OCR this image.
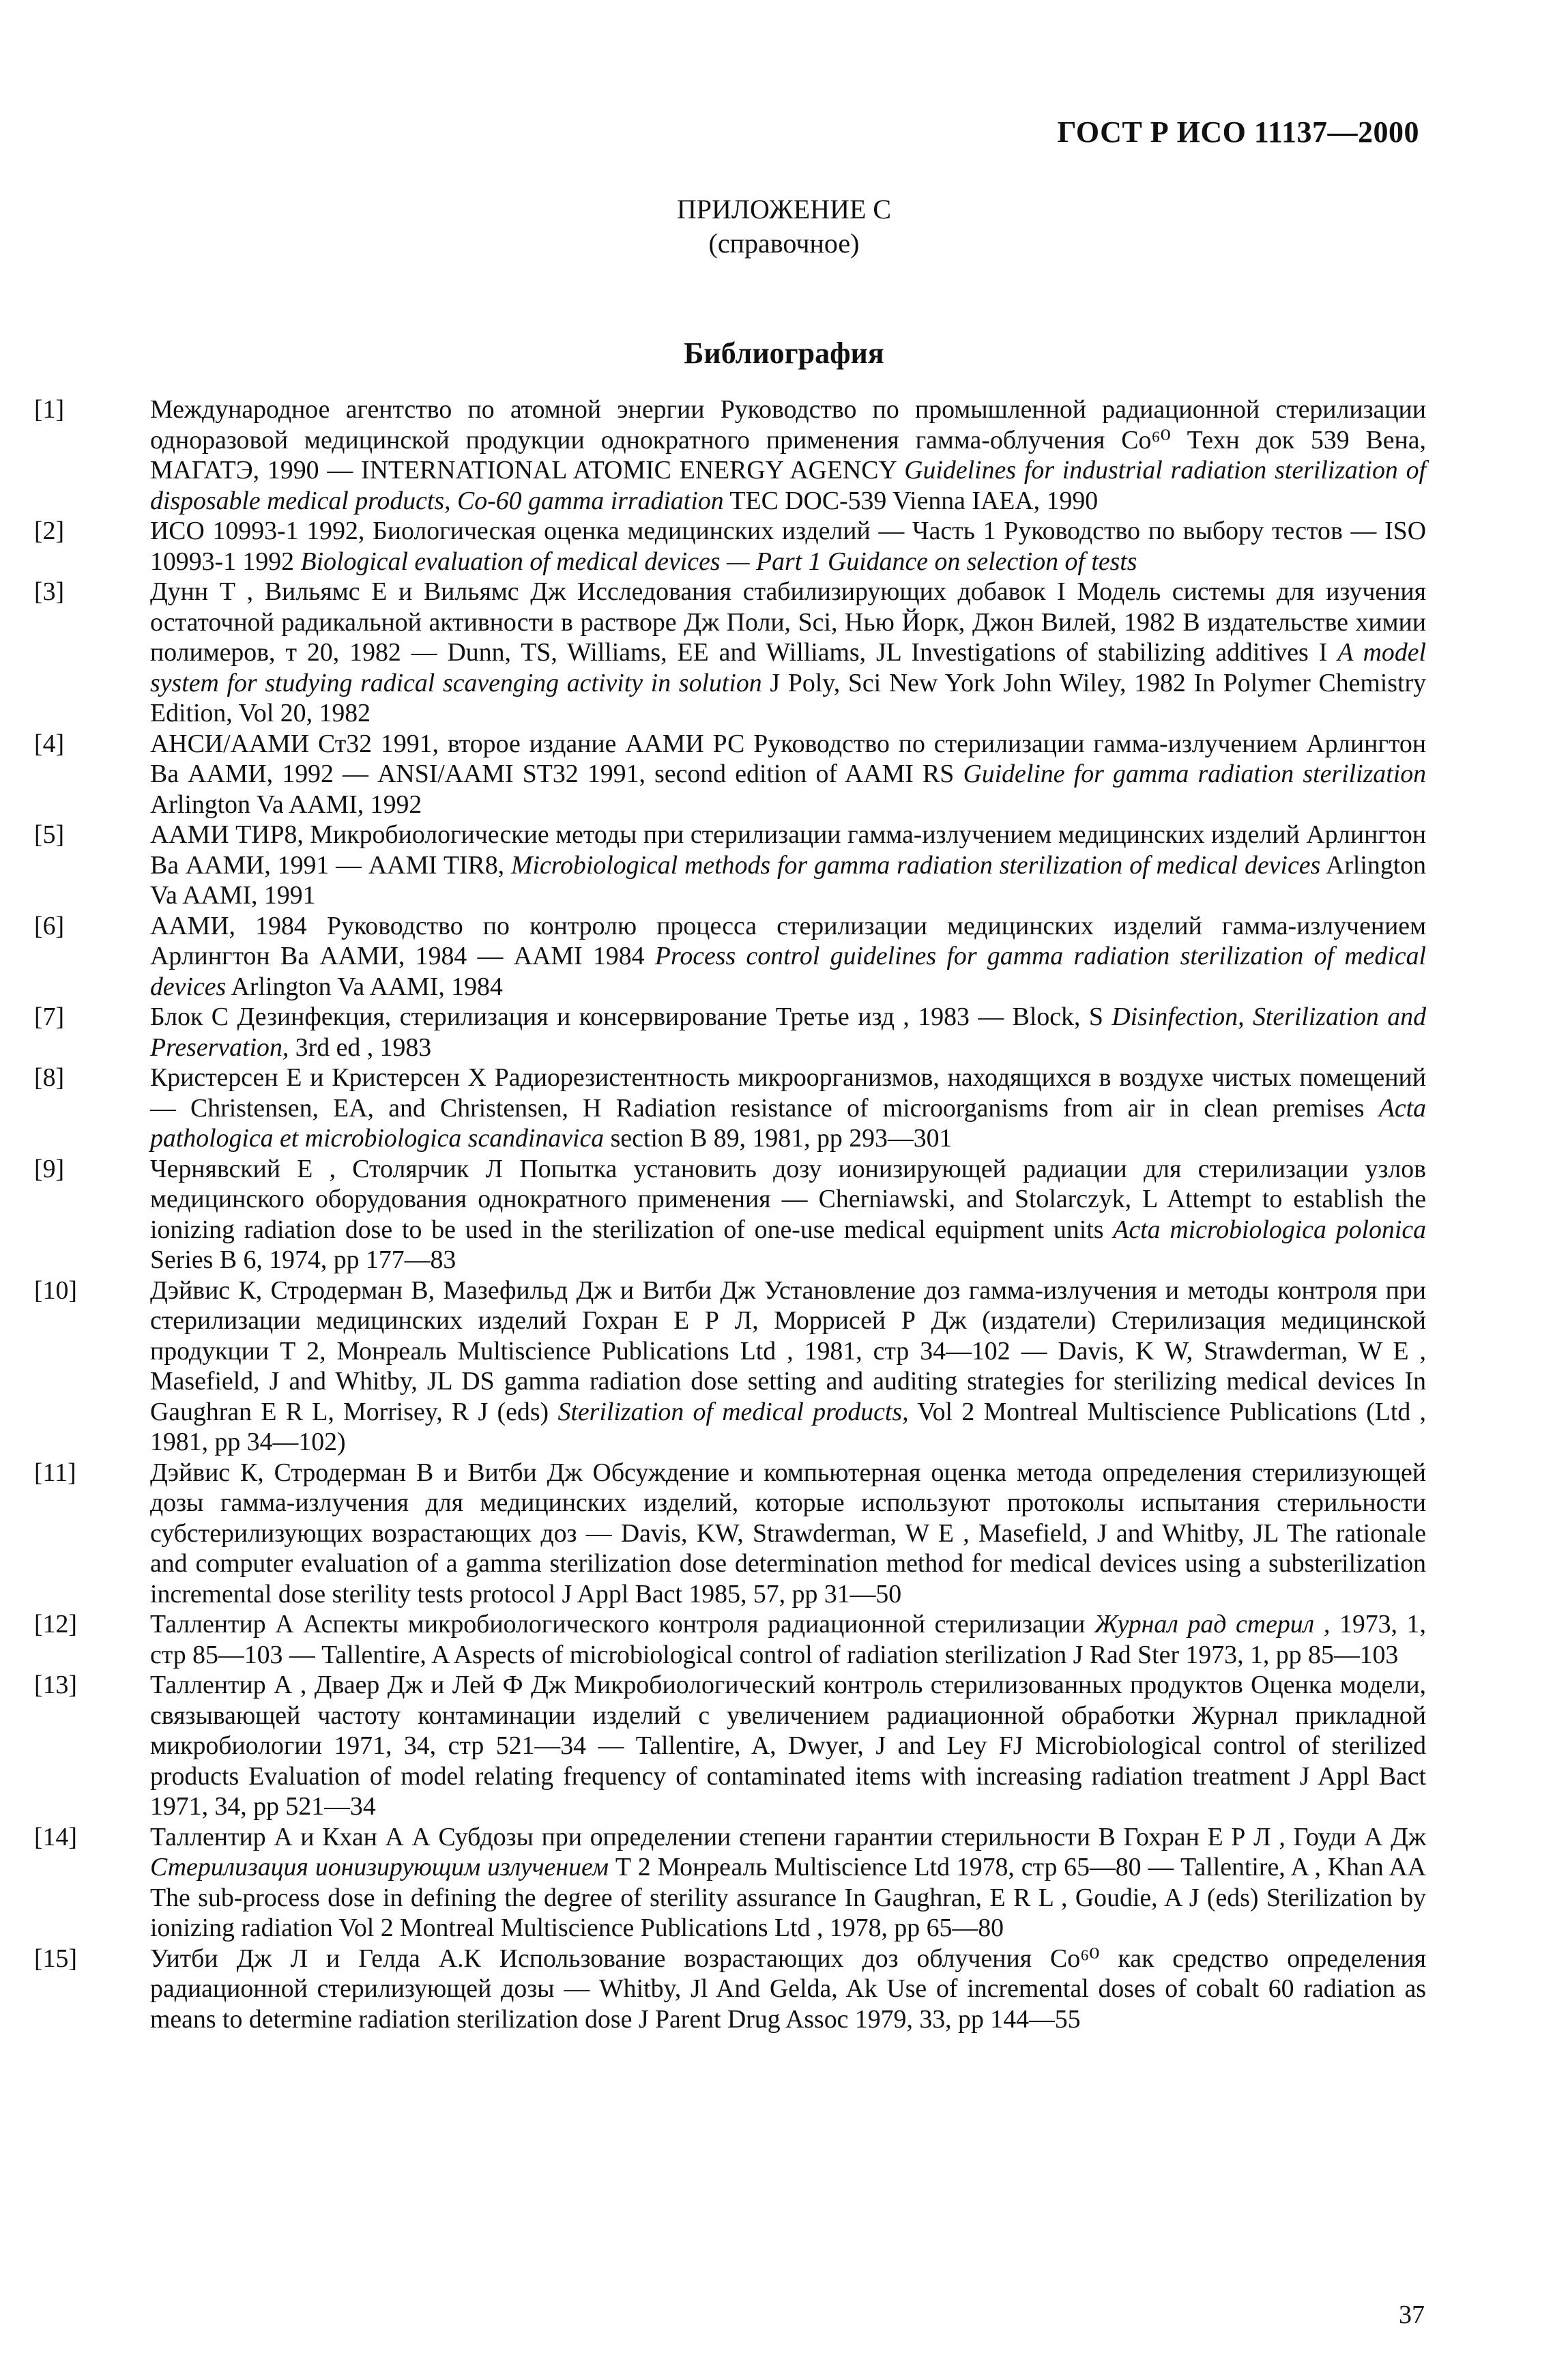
ГОСТ Р ИСО 11137—2000
ПРИЛОЖЕНИЕ С
(справочное)
Библиография
[1]	Международное агентство по атомной энергии Руководство по промышленной радиационной стерилизации одноразовой медицинской продукции однократного применения гамма-облучения Co⁶⁰ Техн док 539 Вена, МАГАТЭ, 1990 — INTERNATIONAL ATOMIC ENERGY AGENCY Guidelines for industrial radiation sterilization of disposable medical products, Co-60 gamma irradiation TEC DOC-539 Vienna IAEA, 1990
[2]	ИСО 10993-1 1992, Биологическая оценка медицинских изделий — Часть 1 Руководство по выбору тестов — ISO 10993-1 1992 Biological evaluation of medical devices — Part 1 Guidance on selection of tests
[3]	Дунн Т , Вильямс Е и Вильямс Дж Исследования стабилизирующих добавок I Модель системы для изучения остаточной радикальной активности в растворе Дж Поли, Sci, Нью Йорк, Джон Вилей, 1982 В издательстве химии полимеров, т 20, 1982 — Dunn, TS, Williams, EE and Williams, JL Investigations of stabilizing additives I A model system for studying radical scavenging activity in solution J Poly, Sci New York John Wiley, 1982 In Polymer Chemistry Edition, Vol 20, 1982
[4]	АНСИ/ААМИ Ст32 1991, второе издание ААМИ РС Руководство по стерилизации гамма-излучением Арлингтон Ва ААМИ, 1992 — ANSI/AAMI ST32 1991, second edition of AAMI RS Guideline for gamma radiation sterilization Arlington Va AAMI, 1992
[5]	ААМИ ТИР8, Микробиологические методы при стерилизации гамма-излучением медицинских изделий Арлингтон Ва ААМИ, 1991 — AAMI TIR8, Microbiological methods for gamma radiation sterilization of medical devices Arlington Va AAMI, 1991
[6]	ААМИ, 1984 Руководство по контролю процесса стерилизации медицинских изделий гамма-излучением Арлингтон Ва ААМИ, 1984 — AAMI 1984 Process control guidelines for gamma radiation sterilization of medical devices Arlington Va AAMI, 1984
[7]	Блок С Дезинфекция, стерилизация и консервирование Третье изд , 1983 — Block, S Disinfection, Sterilization and Preservation, 3rd ed , 1983
[8]	Кристерсен Е и Кристерсен Х Радиорезистентность микроорганизмов, находящихся в воздухе чистых помещений — Christensen, EA, and Christensen, H Radiation resistance of microorganisms from air in clean premises Acta pathologica et microbiologica scandinavica section B 89, 1981, pp 293—301
[9]	Чернявский Е , Столярчик Л Попытка установить дозу ионизирующей радиации для стерилизации узлов медицинского оборудования однократного применения — Cherniawski, and Stolarczyk, L Attempt to establish the ionizing radiation dose to be used in the sterilization of one-use medical equipment units Acta microbiologica polonica Series B 6, 1974, pp 177—83
[10]	Дэйвис К, Стродерман В, Мазефильд Дж и Витби Дж Установление доз гамма-излучения и методы контроля при стерилизации медицинских изделий Гохран Е Р Л, Моррисей Р Дж (издатели) Стерилизация медицинской продукции Т 2, Монреаль Multiscience Publications Ltd , 1981, стр 34—102 — Davis, K W, Strawderman, W E , Masefield, J and Whitby, JL DS gamma radiation dose setting and auditing strategies for sterilizing medical devices In Gaughran E R L, Morrisey, R J (eds) Sterilization of medical products, Vol 2 Montreal Multiscience Publications (Ltd , 1981, pp 34—102)
[11]	Дэйвис К, Стродерман В и Витби Дж Обсуждение и компьютерная оценка метода определения стерилизующей дозы гамма-излучения для медицинских изделий, которые используют протоколы испытания стерильности субстерилизующих возрастающих доз — Davis, KW, Strawderman, W E , Masefield, J and Whitby, JL The rationale and computer evaluation of a gamma sterilization dose determination method for medical devices using a substerilization incremental dose sterility tests protocol J Appl Bact 1985, 57, pp 31—50
[12]	Таллентир А Аспекты микробиологического контроля радиационной стерилизации Журнал рад стерил , 1973, 1, стр 85—103 — Tallentire, A Aspects of microbiological control of radiation sterilization J Rad Ster 1973, 1, pp 85—103
[13]	Таллентир А , Дваер Дж и Лей Ф Дж Микробиологический контроль стерилизованных продуктов Оценка модели, связывающей частоту контаминации изделий с увеличением радиационной обработки Журнал прикладной микробиологии 1971, 34, стр 521—34 — Tallentire, A, Dwyer, J and Ley FJ Microbiological control of sterilized products Evaluation of model relating frequency of contaminated items with increasing radiation treatment J Appl Bact 1971, 34, pp 521—34
[14]	Таллентир А и Кхан А А Субдозы при определении степени гарантии стерильности В Гохран Е Р Л , Гоуди А Дж Стерилизация ионизирующим излучением Т 2 Монреаль Multiscience Ltd 1978, стр 65—80 — Tallentire, A , Khan AA The sub-process dose in defining the degree of sterility assurance In Gaughran, E R L , Goudie, A J (eds) Sterilization by ionizing radiation Vol 2 Montreal Multiscience Publications Ltd , 1978, pp 65—80
[15]	Уитби Дж Л и Гелда А.К Использование возрастающих доз облучения Co⁶⁰ как средство определения радиационной стерилизующей дозы — Whitby, Jl And Gelda, Ak Use of incremental doses of cobalt 60 radiation as means to determine radiation sterilization dose J Parent Drug Assoc 1979, 33, pp 144—55
37
